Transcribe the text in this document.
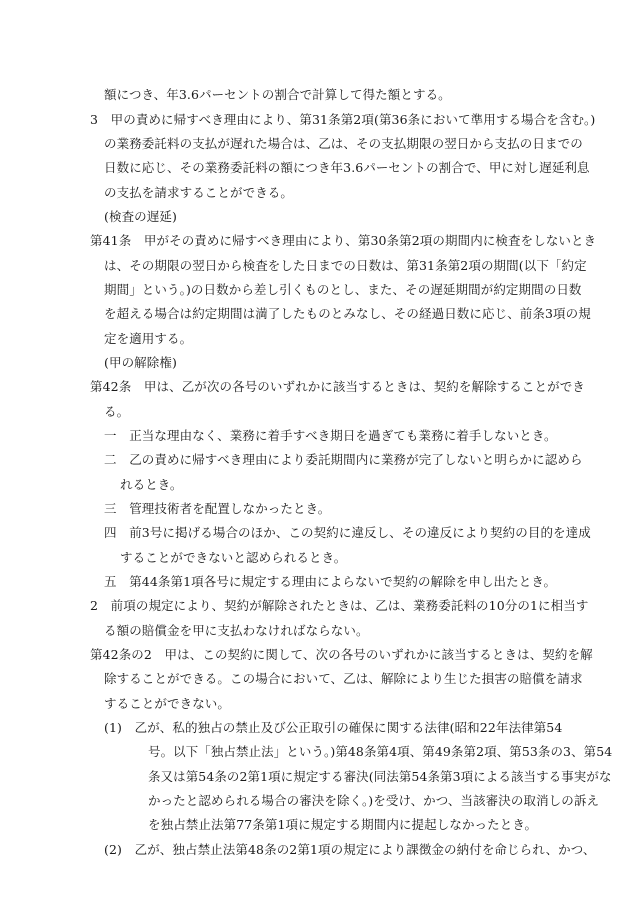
額につき、年3.6パーセントの割合で計算して得た額とする。
3　甲の責めに帰すべき理由により、第31条第2項(第36条において準用する場合を含む。)
の業務委託料の支払が遅れた場合は、乙は、その支払期限の翌日から支払の日までの
日数に応じ、その業務委託料の額につき年3.6パーセントの割合で、甲に対し遅延利息
の支払を請求することができる。
(検査の遅延)
第41条　甲がその責めに帰すべき理由により、第30条第2項の期間内に検査をしないとき
は、その期限の翌日から検査をした日までの日数は、第31条第2項の期間(以下「約定
期間」という。)の日数から差し引くものとし、また、その遅延期間が約定期間の日数
を超える場合は約定期間は満了したものとみなし、その経過日数に応じ、前条3項の規
定を適用する。
(甲の解除権)
第42条　甲は、乙が次の各号のいずれかに該当するときは、契約を解除することができ
る。
一　正当な理由なく、業務に着手すべき期日を過ぎても業務に着手しないとき。
二　乙の責めに帰すべき理由により委託期間内に業務が完了しないと明らかに認めら
れるとき。
三　管理技術者を配置しなかったとき。
四　前3号に掲げる場合のほか、この契約に違反し、その違反により契約の目的を達成
することができないと認められるとき。
五　第44条第1項各号に規定する理由によらないで契約の解除を申し出たとき。
2　前項の規定により、契約が解除されたときは、乙は、業務委託料の10分の1に相当す
る額の賠償金を甲に支払わなければならない。
第42条の2　甲は、この契約に関して、次の各号のいずれかに該当するときは、契約を解
除することができる。この場合において、乙は、解除により生じた損害の賠償を請求
することができない。
(1)　乙が、私的独占の禁止及び公正取引の確保に関する法律(昭和22年法律第54
号。以下「独占禁止法」という。)第48条第4項、第49条第2項、第53条の3、第54
条又は第54条の2第1項に規定する審決(同法第54条第3項による該当する事実がな
かったと認められる場合の審決を除く。)を受け、かつ、当該審決の取消しの訴え
を独占禁止法第77条第1項に規定する期間内に提起しなかったとき。
(2)　乙が、独占禁止法第48条の2第1項の規定により課徴金の納付を命じられ、かつ、
